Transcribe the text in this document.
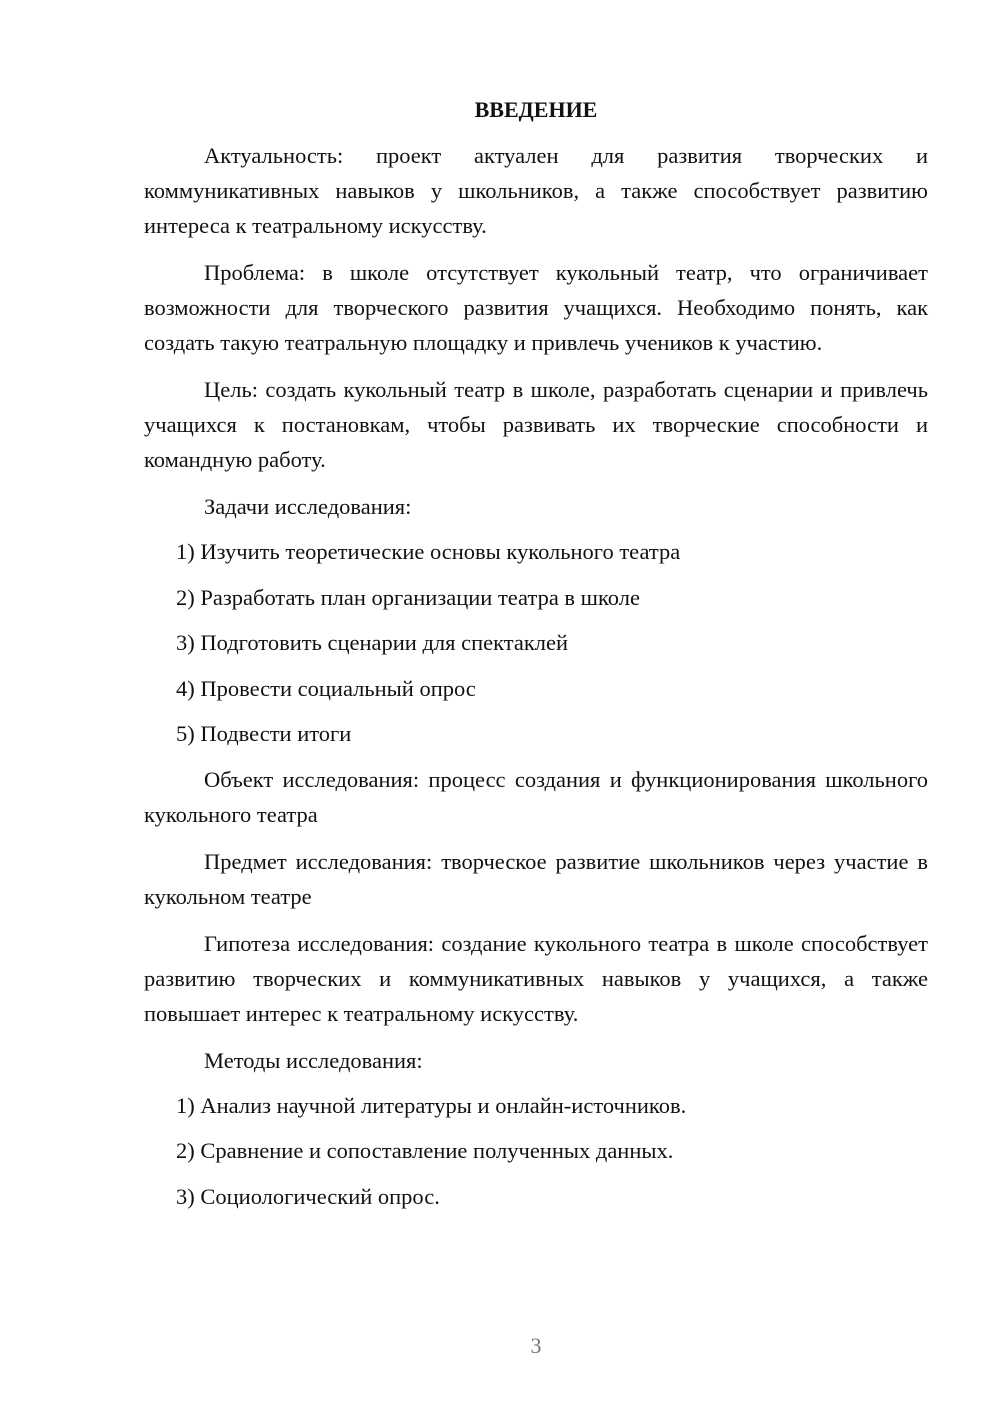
ВВЕДЕНИЕ

Актуальность: проект актуален для развития творческих и коммуникативных навыков у школьников, а также способствует развитию интереса к театральному искусству.

Проблема: в школе отсутствует кукольный театр, что ограничивает возможности для творческого развития учащихся. Необходимо понять, как создать такую театральную площадку и привлечь учеников к участию.

Цель: создать кукольный театр в школе, разработать сценарии и привлечь учащихся к постановкам, чтобы развивать их творческие способности и командную работу.

Задачи исследования:

1) Изучить теоретические основы кукольного театра
2) Разработать план организации театра в школе
3) Подготовить сценарии для спектаклей
4) Провести социальный опрос
5) Подвести итоги

Объект исследования: процесс создания и функционирования школьного кукольного театра

Предмет исследования: творческое развитие школьников через участие в кукольном театре

Гипотеза исследования: создание кукольного театра в школе способствует развитию творческих и коммуникативных навыков у учащихся, а также повышает интерес к театральному искусству.

Методы исследования:

1) Анализ научной литературы и онлайн-источников.
2) Сравнение и сопоставление полученных данных.
3) Социологический опрос.
3
